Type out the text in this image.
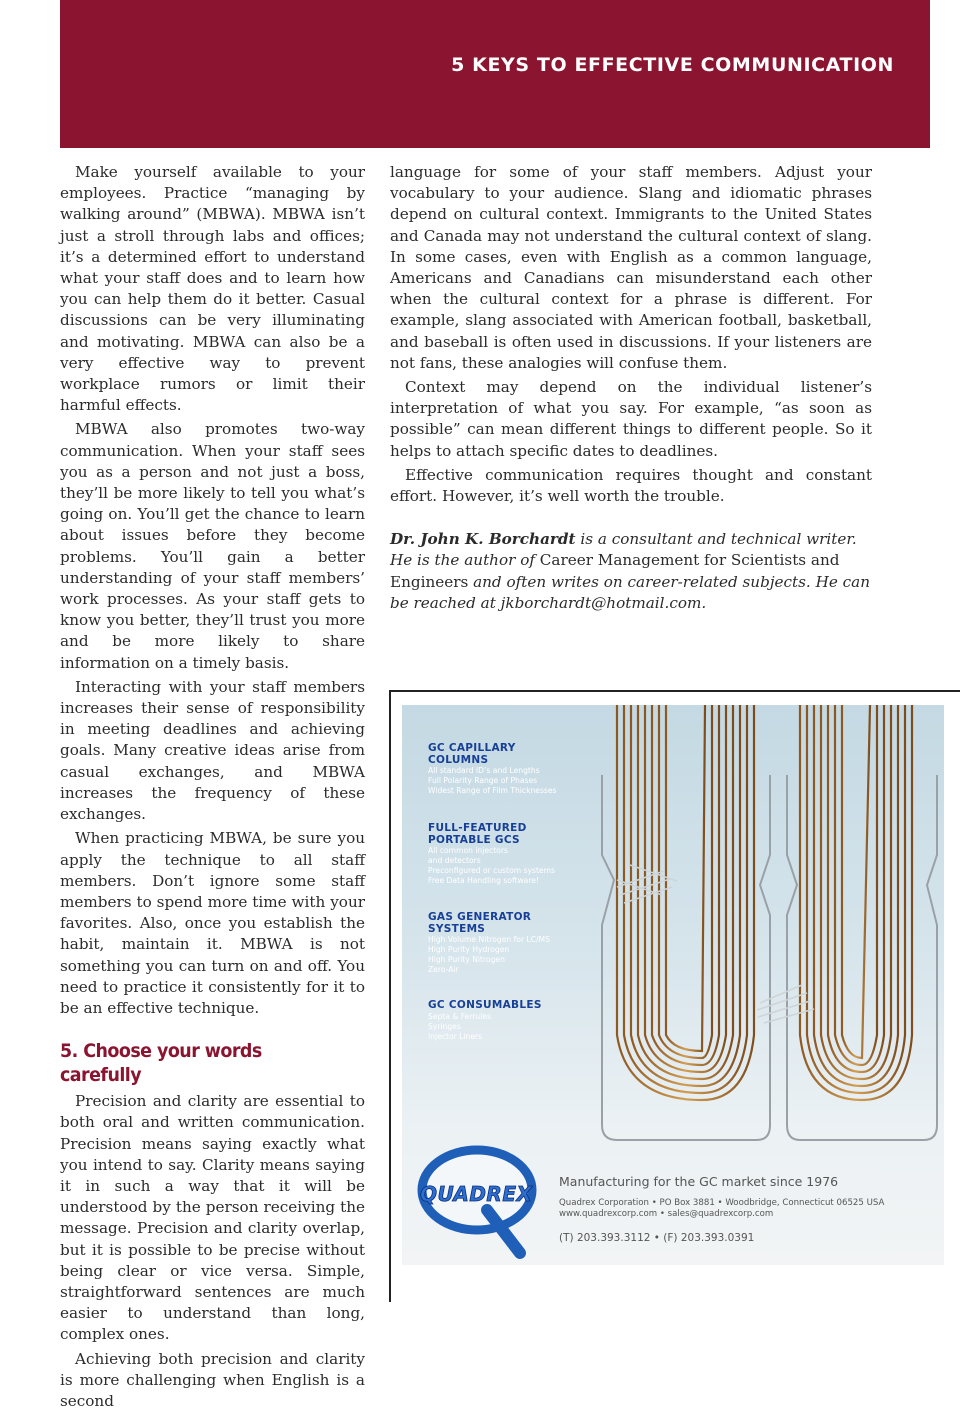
5 KEYS TO EFFECTIVE COMMUNICATION

Make yourself available to your employees. Practice “managing by walking around” (MBWA). MBWA isn’t just a stroll through labs and offices; it’s a determined effort to understand what your staff does and to learn how you can help them do it better. Casual discussions can be very illuminating and motivating. MBWA can also be a very effective way to prevent workplace rumors or limit their harmful effects.

MBWA also promotes two-way communication. When your staff sees you as a person and not just a boss, they’ll be more likely to tell you what’s going on. You’ll get the chance to learn about issues before they become problems. You’ll gain a better understanding of your staff members’ work processes. As your staff gets to know you better, they’ll trust you more and be more likely to share information on a timely basis.

Interacting with your staff members increases their sense of responsibility in meeting deadlines and achieving goals. Many creative ideas arise from casual exchanges, and MBWA increases the frequency of these exchanges.

When practicing MBWA, be sure you apply the technique to all staff members. Don’t ignore some staff members to spend more time with your favorites. Also, once you establish the habit, maintain it. MBWA is not something you can turn on and off. You need to practice it consistently for it to be an effective technique.

5. Choose your words carefully

Precision and clarity are essential to both oral and written communication. Precision means saying exactly what you intend to say. Clarity means saying it in such a way that it will be understood by the person receiving the message. Precision and clarity overlap, but it is possible to be precise without being clear or vice versa. Simple, straightforward sentences are much easier to understand than long, complex ones.

Achieving both precision and clarity is more challenging when English is a second

language for some of your staff members. Adjust your vocabulary to your audience. Slang and idiomatic phrases depend on cultural context. Immigrants to the United States and Canada may not understand the cultural context of slang. In some cases, even with English as a common language, Americans and Canadians can misunderstand each other when the cultural context for a phrase is different. For example, slang associated with American football, basketball, and baseball is often used in discussions. If your listeners are not fans, these analogies will confuse them.

Context may depend on the individual listener’s interpretation of what you say. For example, “as soon as possible” can mean different things to different people. So it helps to attach specific dates to deadlines.

Effective communication requires thought and constant effort. However, it’s well worth the trouble.

Dr. John K. Borchardt is a consultant and technical writer. He is the author of Career Management for Scientists and Engineers and often writes on career-related subjects. He can be reached at jkborchardt@hotmail.com.

GC CAPILLARY
COLUMNS
All standard ID’s and Lengths
Full Polarity Range of Phases
Widest Range of Film Thicknesses
FULL-FEATURED
PORTABLE GCS
All common injectors
and detectors
Preconfigured or custom systems
Free Data Handling software!
GAS GENERATOR
SYSTEMS
High Volume Nitrogen for LC/MS
High Purity Hydrogen
High Purity Nitrogen
Zero-Air
GC CONSUMABLES
Septa & Ferrules
Syringes
Injector Liners
QUADREX
Manufacturing for the GC market since 1976
Quadrex Corporation • PO Box 3881 • Woodbridge, Connecticut 06525 USA
www.quadrexcorp.com • sales@quadrexcorp.com
(T) 203.393.3112 • (F) 203.393.0391
